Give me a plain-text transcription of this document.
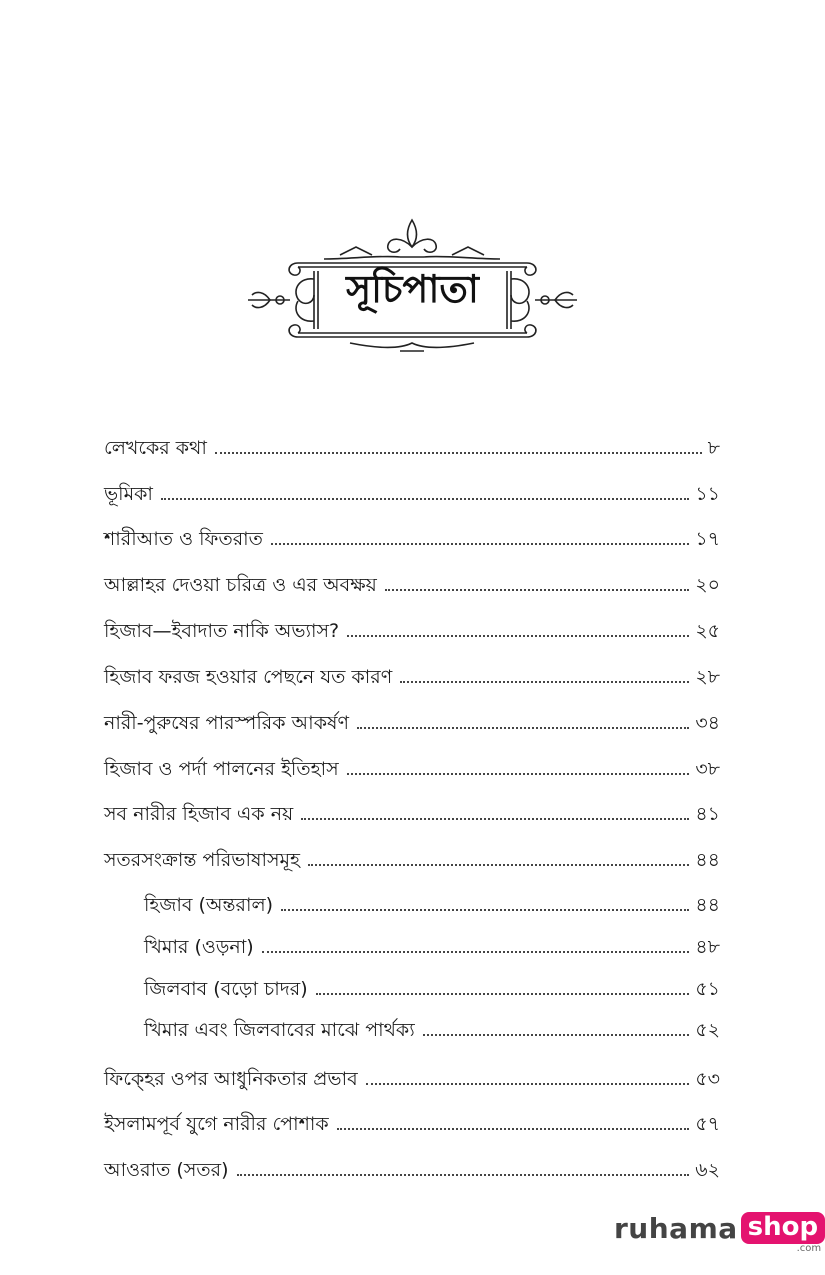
সূচিপাতা
লেখকের কথা	৮
ভূমিকা	১১
শারীআত ও ফিতরাত	১৭
আল্লাহর দেওয়া চরিত্র ও এর অবক্ষয়	২০
হিজাব—ইবাদাত নাকি অভ্যাস?	২৫
হিজাব ফরজ হওয়ার পেছনে যত কারণ	২৮
নারী-পুরুষের পারস্পরিক আকর্ষণ	৩৪
হিজাব ও পর্দা পালনের ইতিহাস	৩৮
সব নারীর হিজাব এক নয়	৪১
সতরসংক্রান্ত পরিভাষাসমূহ	৪৪
হিজাব (অন্তরাল)	৪৪
খিমার (ওড়না)	৪৮
জিলবাব (বড়ো চাদর)	৫১
খিমার এবং জিলবাবের মাঝে পার্থক্য	৫২
ফিক্হের ওপর আধুনিকতার প্রভাব	৫৩
ইসলামপূর্ব যুগে নারীর পোশাক	৫৭
আওরাত (সতর)	৬২
ruhama shop
.com
